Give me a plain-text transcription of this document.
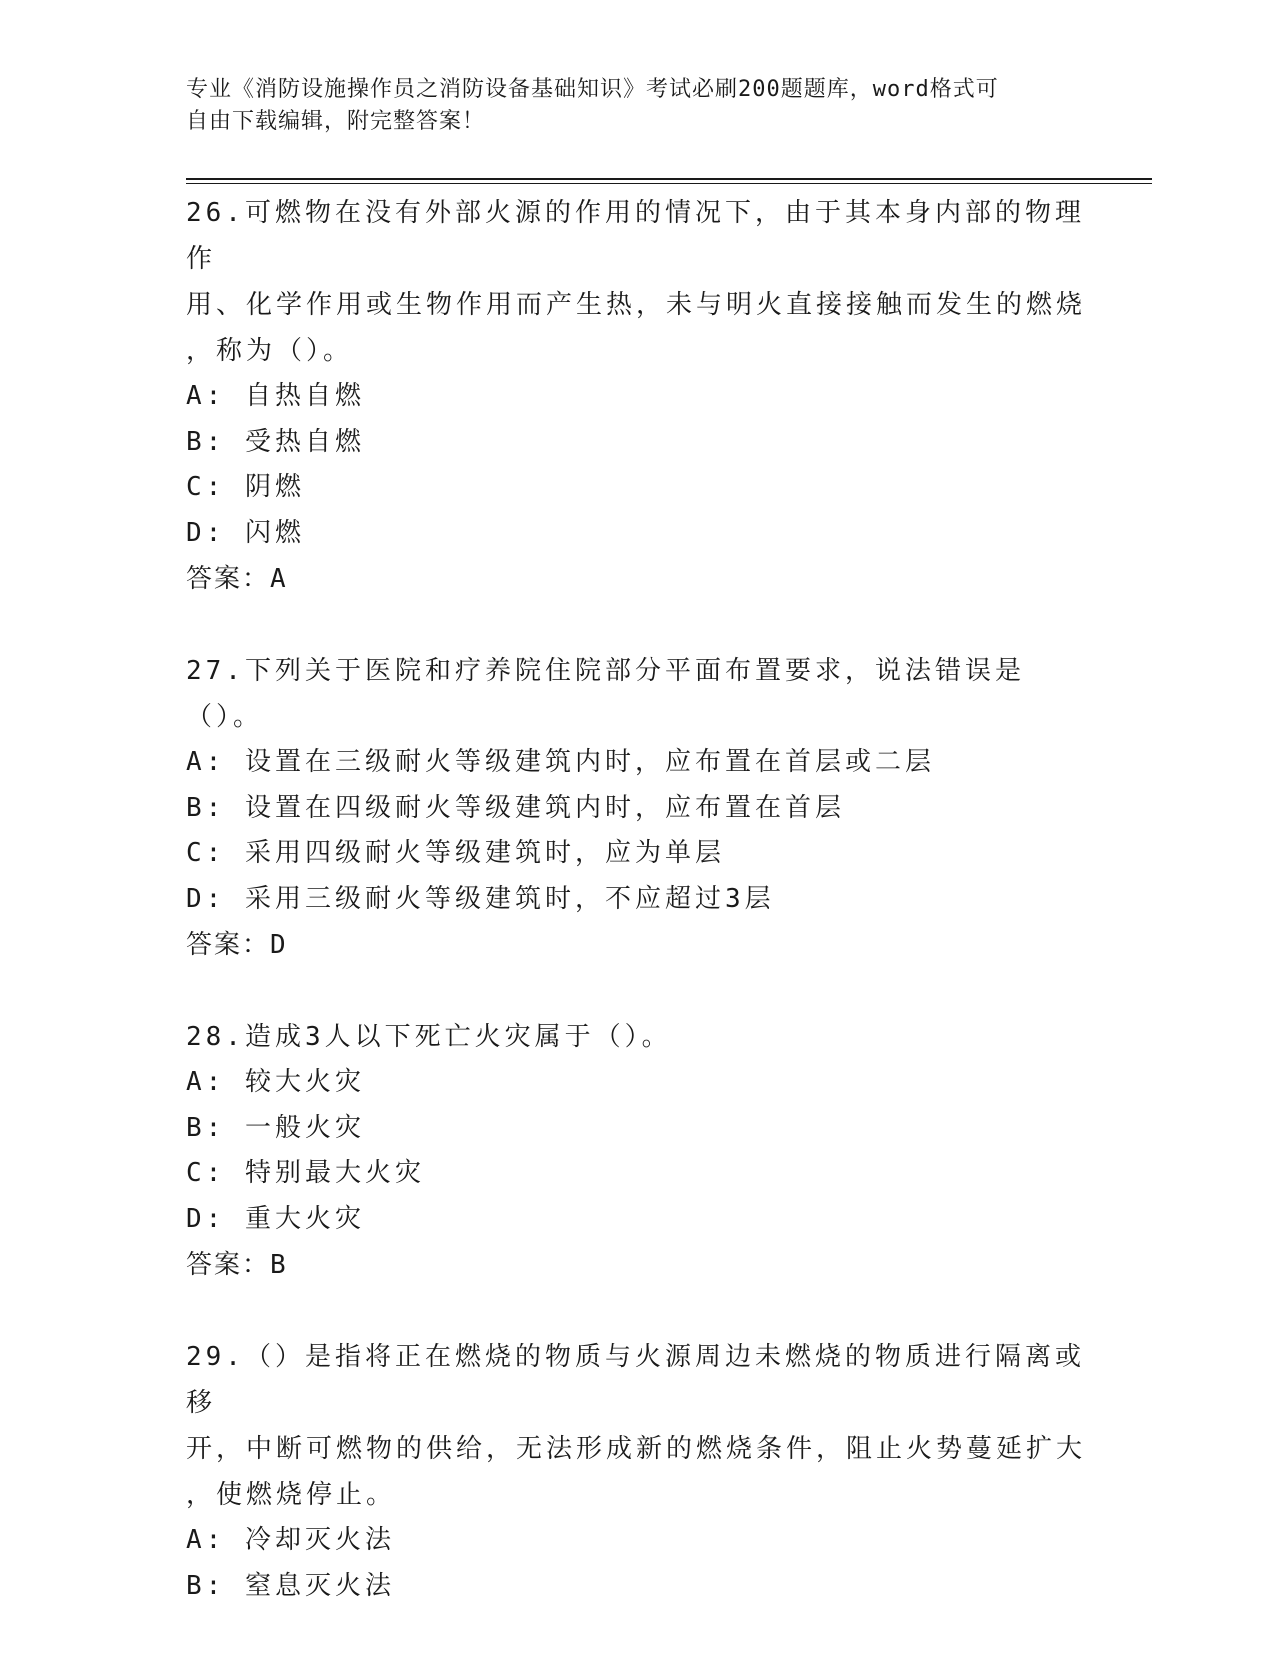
专业《消防设施操作员之消防设备基础知识》考试必刷200题题库，word格式可
自由下载编辑，附完整答案！
26.可燃物在没有外部火源的作用的情况下，由于其本身内部的物理作
用、化学作用或生物作用而产生热，未与明火直接接触而发生的燃烧
，称为（）。
A: 自热自燃
B: 受热自燃
C: 阴燃
D: 闪燃
答案：A
27.下列关于医院和疗养院住院部分平面布置要求，说法错误是（）。
A: 设置在三级耐火等级建筑内时，应布置在首层或二层
B: 设置在四级耐火等级建筑内时，应布置在首层
C: 采用四级耐火等级建筑时，应为单层
D: 采用三级耐火等级建筑时，不应超过3层
答案：D
28.造成3人以下死亡火灾属于（）。
A: 较大火灾
B: 一般火灾
C: 特别最大火灾
D: 重大火灾
答案：B
29.（）是指将正在燃烧的物质与火源周边未燃烧的物质进行隔离或移
开，中断可燃物的供给，无法形成新的燃烧条件，阻止火势蔓延扩大
，使燃烧停止。
A: 冷却灭火法
B: 窒息灭火法
